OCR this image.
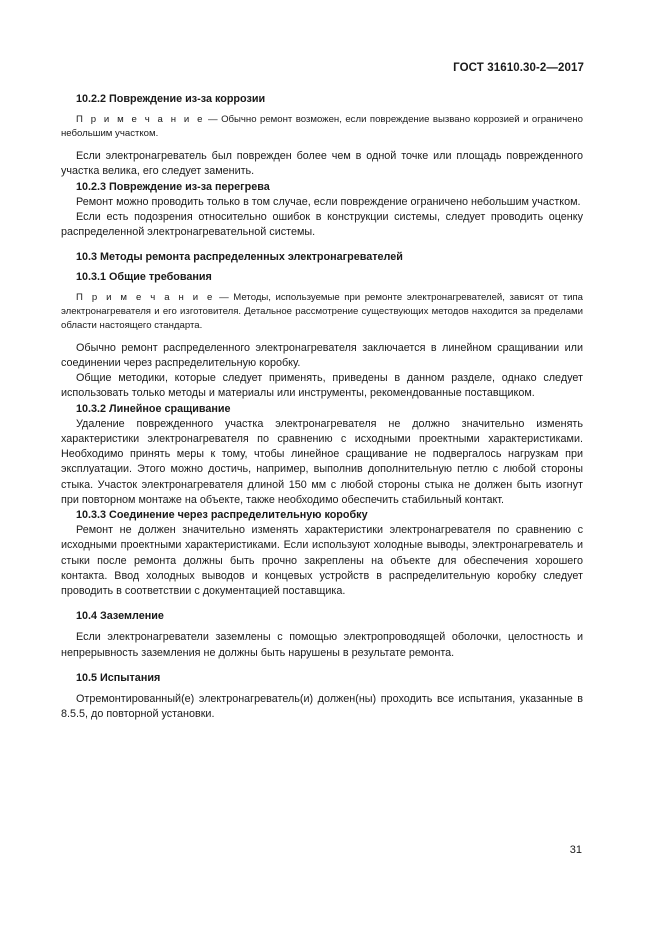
ГОСТ 31610.30-2—2017

10.2.2 Повреждение из-за коррозии

П р и м е ч а н и е — Обычно ремонт возможен, если повреждение вызвано коррозией и ограничено небольшим участком.

Если электронагреватель был поврежден более чем в одной точке или площадь поврежденного участка велика, его следует заменить.

10.2.3 Повреждение из-за перегрева

Ремонт можно проводить только в том случае, если повреждение ограничено небольшим участком.

Если есть подозрения относительно ошибок в конструкции системы, следует проводить оценку распределенной электронагревательной системы.

10.3 Методы ремонта распределенных электронагревателей

10.3.1 Общие требования

П р и м е ч а н и е — Методы, используемые при ремонте электронагревателей, зависят от типа электронагревателя и его изготовителя. Детальное рассмотрение существующих методов находится за пределами области настоящего стандарта.

Обычно ремонт распределенного электронагревателя заключается в линейном сращивании или соединении через распределительную коробку.

Общие методики, которые следует применять, приведены в данном разделе, однако следует использовать только методы и материалы или инструменты, рекомендованные поставщиком.

10.3.2 Линейное сращивание

Удаление поврежденного участка электронагревателя не должно значительно изменять характеристики электронагревателя по сравнению с исходными проектными характеристиками. Необходимо принять меры к тому, чтобы линейное сращивание не подвергалось нагрузкам при эксплуатации. Этого можно достичь, например, выполнив дополнительную петлю с любой стороны стыка. Участок электронагревателя длиной 150 мм с любой стороны стыка не должен быть изогнут при повторном монтаже на объекте, также необходимо обеспечить стабильный контакт.

10.3.3 Соединение через распределительную коробку

Ремонт не должен значительно изменять характеристики электронагревателя по сравнению с исходными проектными характеристиками. Если используют холодные выводы, электронагреватель и стыки после ремонта должны быть прочно закреплены на объекте для обеспечения хорошего контакта. Ввод холодных выводов и концевых устройств в распределительную коробку следует проводить в соответствии с документацией поставщика.

10.4 Заземление

Если электронагреватели заземлены с помощью электропроводящей оболочки, целостность и непрерывность заземления не должны быть нарушены в результате ремонта.

10.5 Испытания

Отремонтированный(е) электронагреватель(и) должен(ны) проходить все испытания, указанные в 8.5.5, до повторной установки.

31
